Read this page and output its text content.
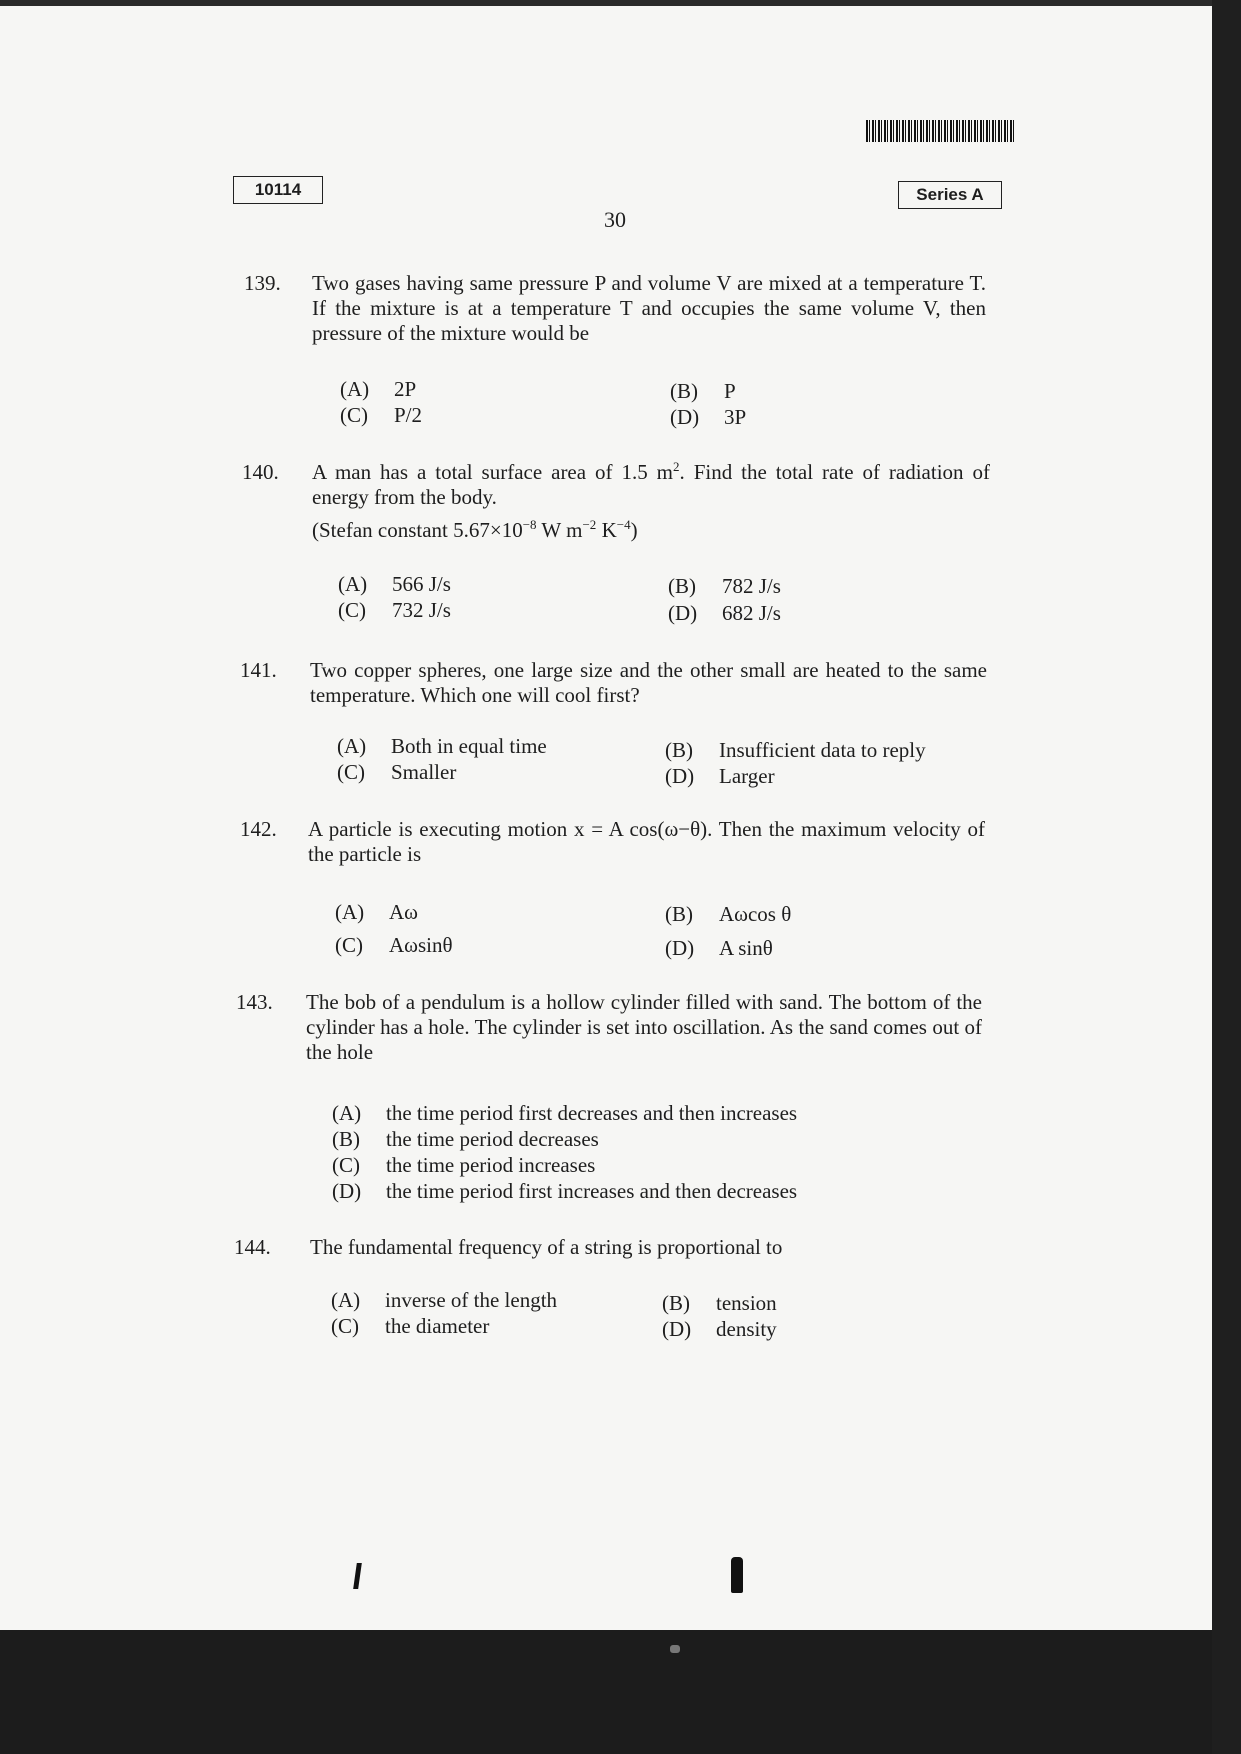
10114	Series A
30
139. Two gases having same pressure P and volume V are mixed at a temperature T. If the mixture is at a temperature T and occupies the same volume V, then pressure of the mixture would be
(A) 2P	(B) P
(C) P/2	(D) 3P
140. A man has a total surface area of 1.5 $m^2$. Find the total rate of radiation of energy from the body.
(Stefan constant $5.67\times 10^{-8}$ W $m^{-2}$ $K^{-4}$)
(A) 566 J/s	(B) 782 J/s
(C) 732 J/s	(D) 682 J/s
141. Two copper spheres, one large size and the other small are heated to the same temperature. Which one will cool first?
(A) Both in equal time	(B) Insufficient data to reply
(C) Smaller	(D) Larger
142. A particle is executing motion x = A cos(ω−θ). Then the maximum velocity of the particle is
(A) Aω	(B) Aωcos θ
(C) Aωsinθ	(D) A sinθ
143. The bob of a pendulum is a hollow cylinder filled with sand. The bottom of the cylinder has a hole. The cylinder is set into oscillation. As the sand comes out of the hole
(A) the time period first decreases and then increases
(B) the time period decreases
(C) the time period increases
(D) the time period first increases and then decreases
144. The fundamental frequency of a string is proportional to
(A) inverse of the length	(B) tension
(C) the diameter	(D) density
